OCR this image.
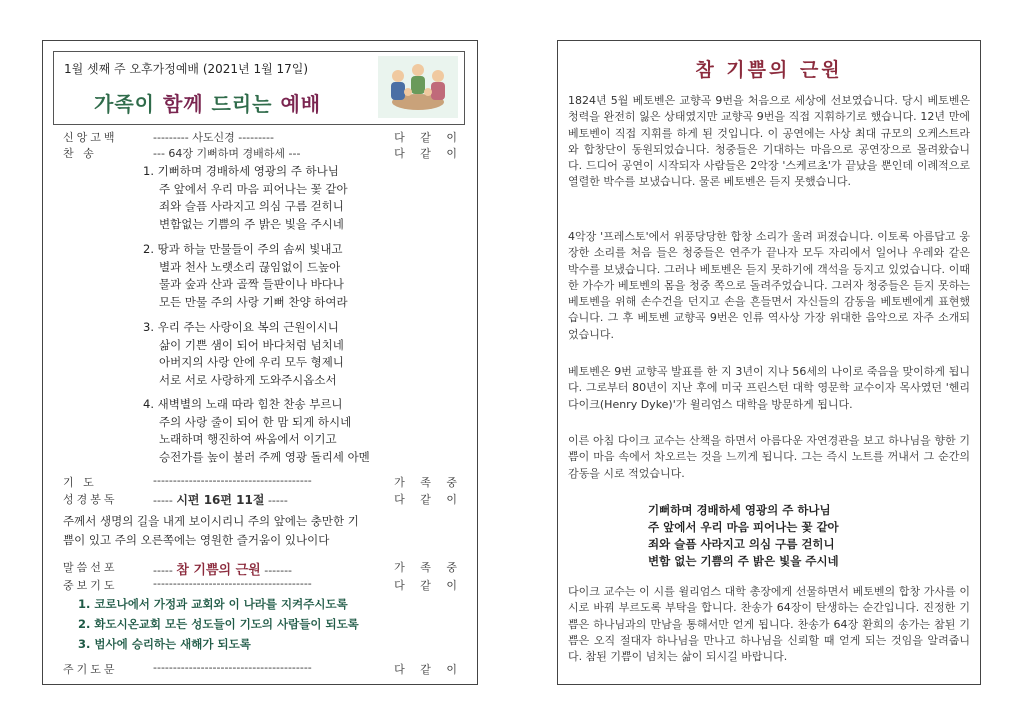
1월 셋째 주 오후가정예배 (2021년 1월 17일)
가족이 함께 드리는 예배
신앙고백	--------- 사도신경 ---------	다 같 이
찬 송	--- 64장 기뻐하며 경배하세 ---	다 같 이
1. 기뻐하며 경배하세 영광의 주 하나님
주 앞에서 우리 마음 피어나는 꽃 같아
죄와 슬픔 사라지고 의심 구름 걷히니
변함없는 기쁨의 주 밝은 빛을 주시네
2. 땅과 하늘 만물들이 주의 솜씨 빛내고
별과 천사 노랫소리 끊임없이 드높아
물과 숲과 산과 골짝 들판이나 바다나
모든 만물 주의 사랑 기뻐 찬양 하여라
3. 우리 주는 사랑이요 복의 근원이시니
삶이 기쁜 샘이 되어 바다처럼 넘치네
아버지의 사랑 안에 우리 모두 형제니
서로 서로 사랑하게 도와주시옵소서
4. 새벽별의 노래 따라 힘찬 찬송 부르니
주의 사랑 줄이 되어 한 맘 되게 하시네
노래하며 행진하여 싸움에서 이기고
승전가를 높이 불러 주께 영광 돌리세 아멘
기 도	----------------------------------------	가 족 중
성경봉독	----- 시편 16편 11절 -----	다 같 이
주께서 생명의 길을 내게 보이시리니 주의 앞에는 충만한 기
쁨이 있고 주의 오른쪽에는 영원한 즐거움이 있나이다
말씀선포	----- 참 기쁨의 근원 -------	가 족 중
중보기도	----------------------------------------	다 같 이
1. 코로나에서 가정과 교회와 이 나라를 지켜주시도록
2. 화도시온교회 모든 성도들이 기도의 사람들이 되도록
3. 범사에 승리하는 새해가 되도록
주기도문	----------------------------------------	다 같 이
참 기쁨의 근원
1824년 5월 베토벤은 교향곡 9번을 처음으로 세상에 선보였습니다. 당시 베토벤은 청력을 완전히 잃은 상태였지만 교향곡 9번을 직접 지휘하기로 했습니다. 12년 만에 베토벤이 직접 지휘를 하게 된 것입니다. 이 공연에는 사상 최대 규모의 오케스트라와 합창단이 동원되었습니다. 청중들은 기대하는 마음으로 공연장으로 몰려왔습니다. 드디어 공연이 시작되자 사람들은 2악장 '스케르초'가 끝났을 뿐인데 이례적으로 열렬한 박수를 보냈습니다. 물론 베토벤은 듣지 못했습니다.
4악장 '프레스토'에서 위풍당당한 합창 소리가 울려 퍼졌습니다. 이토록 아름답고 웅장한 소리를 처음 들은 청중들은 연주가 끝나자 모두 자리에서 일어나 우레와 같은 박수를 보냈습니다. 그러나 베토벤은 듣지 못하기에 객석을 등지고 있었습니다. 이때 한 가수가 베토벤의 몸을 청중 쪽으로 돌려주었습니다. 그러자 청중들은 듣지 못하는 베토벤을 위해 손수건을 던지고 손을 흔들면서 자신들의 감동을 베토벤에게 표현했습니다. 그 후 베토벤 교향곡 9번은 인류 역사상 가장 위대한 음악으로 자주 소개되었습니다.
베토벤은 9번 교향곡 발표를 한 지 3년이 지나 56세의 나이로 죽음을 맞이하게 됩니다. 그로부터 80년이 지난 후에 미국 프린스턴 대학 영문학 교수이자 목사였던 '헨리 다이크(Henry Dyke)'가 윌리엄스 대학을 방문하게 됩니다.
이른 아침 다이크 교수는 산책을 하면서 아름다운 자연경관을 보고 하나님을 향한 기쁨이 마음 속에서 차오르는 것을 느끼게 됩니다. 그는 즉시 노트를 꺼내서 그 순간의 감동을 시로 적었습니다.
기뻐하며 경배하세 영광의 주 하나님
주 앞에서 우리 마음 피어나는 꽃 같아
죄와 슬픔 사라지고 의심 구름 걷히니
변함 없는 기쁨의 주 밝은 빛을 주시네
다이크 교수는 이 시를 윌리엄스 대학 총장에게 선물하면서 베토벤의 합창 가사를 이 시로 바꿔 부르도록 부탁을 합니다. 찬송가 64장이 탄생하는 순간입니다. 진정한 기쁨은 하나님과의 만남을 통해서만 얻게 됩니다. 찬송가 64장 환희의 송가는 참된 기쁨은 오직 절대자 하나님을 만나고 하나님을 신뢰할 때 얻게 되는 것임을 알려줍니다. 참된 기쁨이 넘치는 삶이 되시길 바랍니다.
